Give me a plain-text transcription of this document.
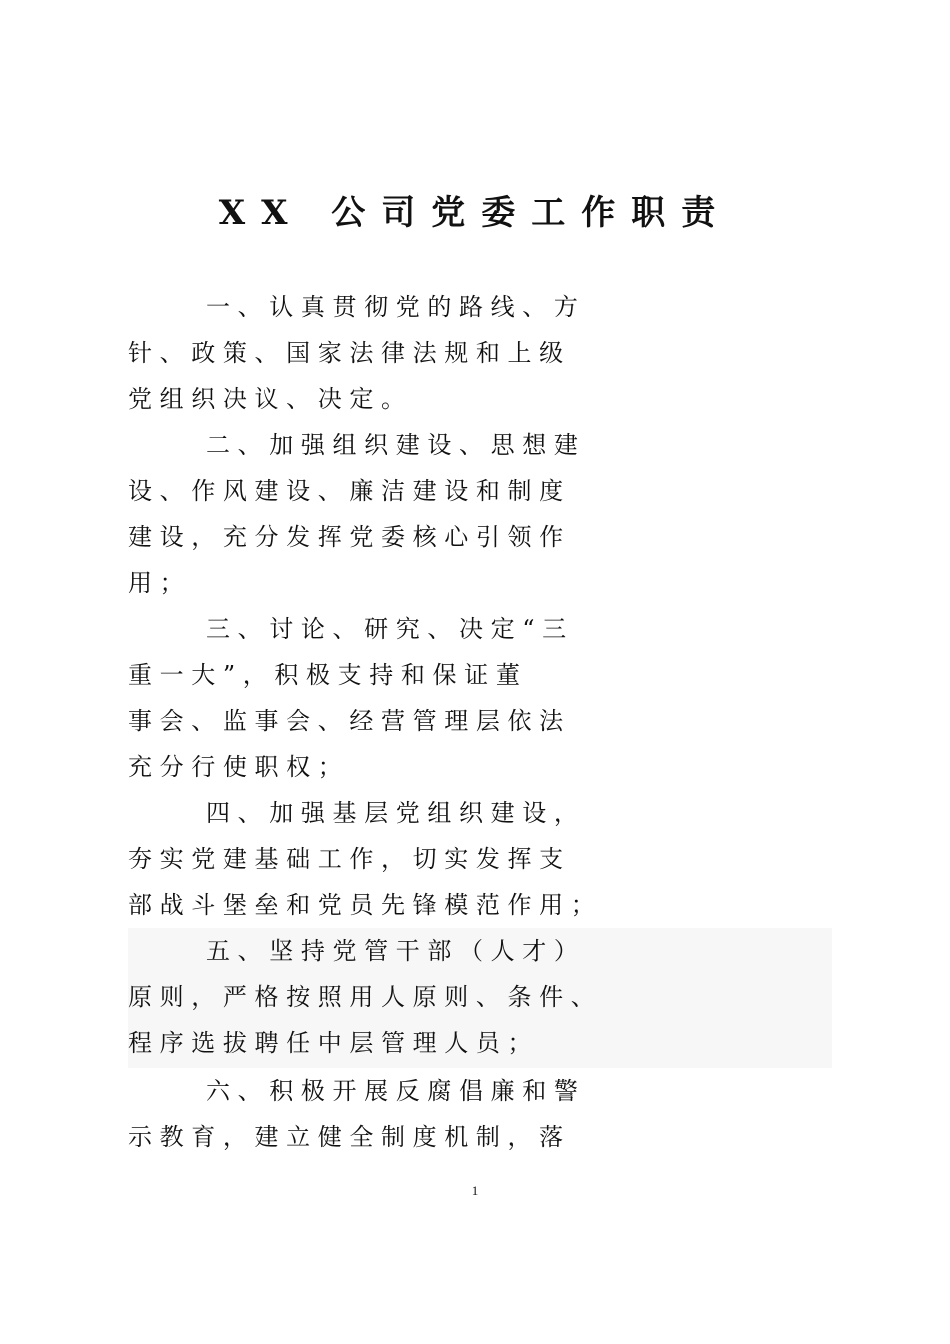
XX 公司党委工作职责
一 、 认 真 贯 彻 党 的 路 线 、 方
针 、 政 策 、 国 家 法 律 法 规 和 上 级
党 组 织 决 议 、 决 定 。
二 、 加 强 组 织 建 设 、 思 想 建
设 、 作 风 建 设 、 廉 洁 建 设 和 制 度
建 设 ， 充 分 发 挥 党 委 核 心 引 领 作
用 ；
三 、 讨 论 、 研 究 、 决 定 “ 三
重 一 大 ” ， 积 极 支 持 和 保 证 董
事 会 、 监 事 会 、 经 营 管 理 层 依 法
充 分 行 使 职 权 ；
四 、 加 强 基 层 党 组 织 建 设 ，
夯 实 党 建 基 础 工 作 ， 切 实 发 挥 支
部 战 斗 堡 垒 和 党 员 先 锋 模 范 作 用 ；
五 、 坚 持 党 管 干 部 （ 人 才 ）
原 则 ， 严 格 按 照 用 人 原 则 、 条 件 、
程 序 选 拔 聘 任 中 层 管 理 人 员 ；
六 、 积 极 开 展 反 腐 倡 廉 和 警
示 教 育 ， 建 立 健 全 制 度 机 制 ， 落
1
